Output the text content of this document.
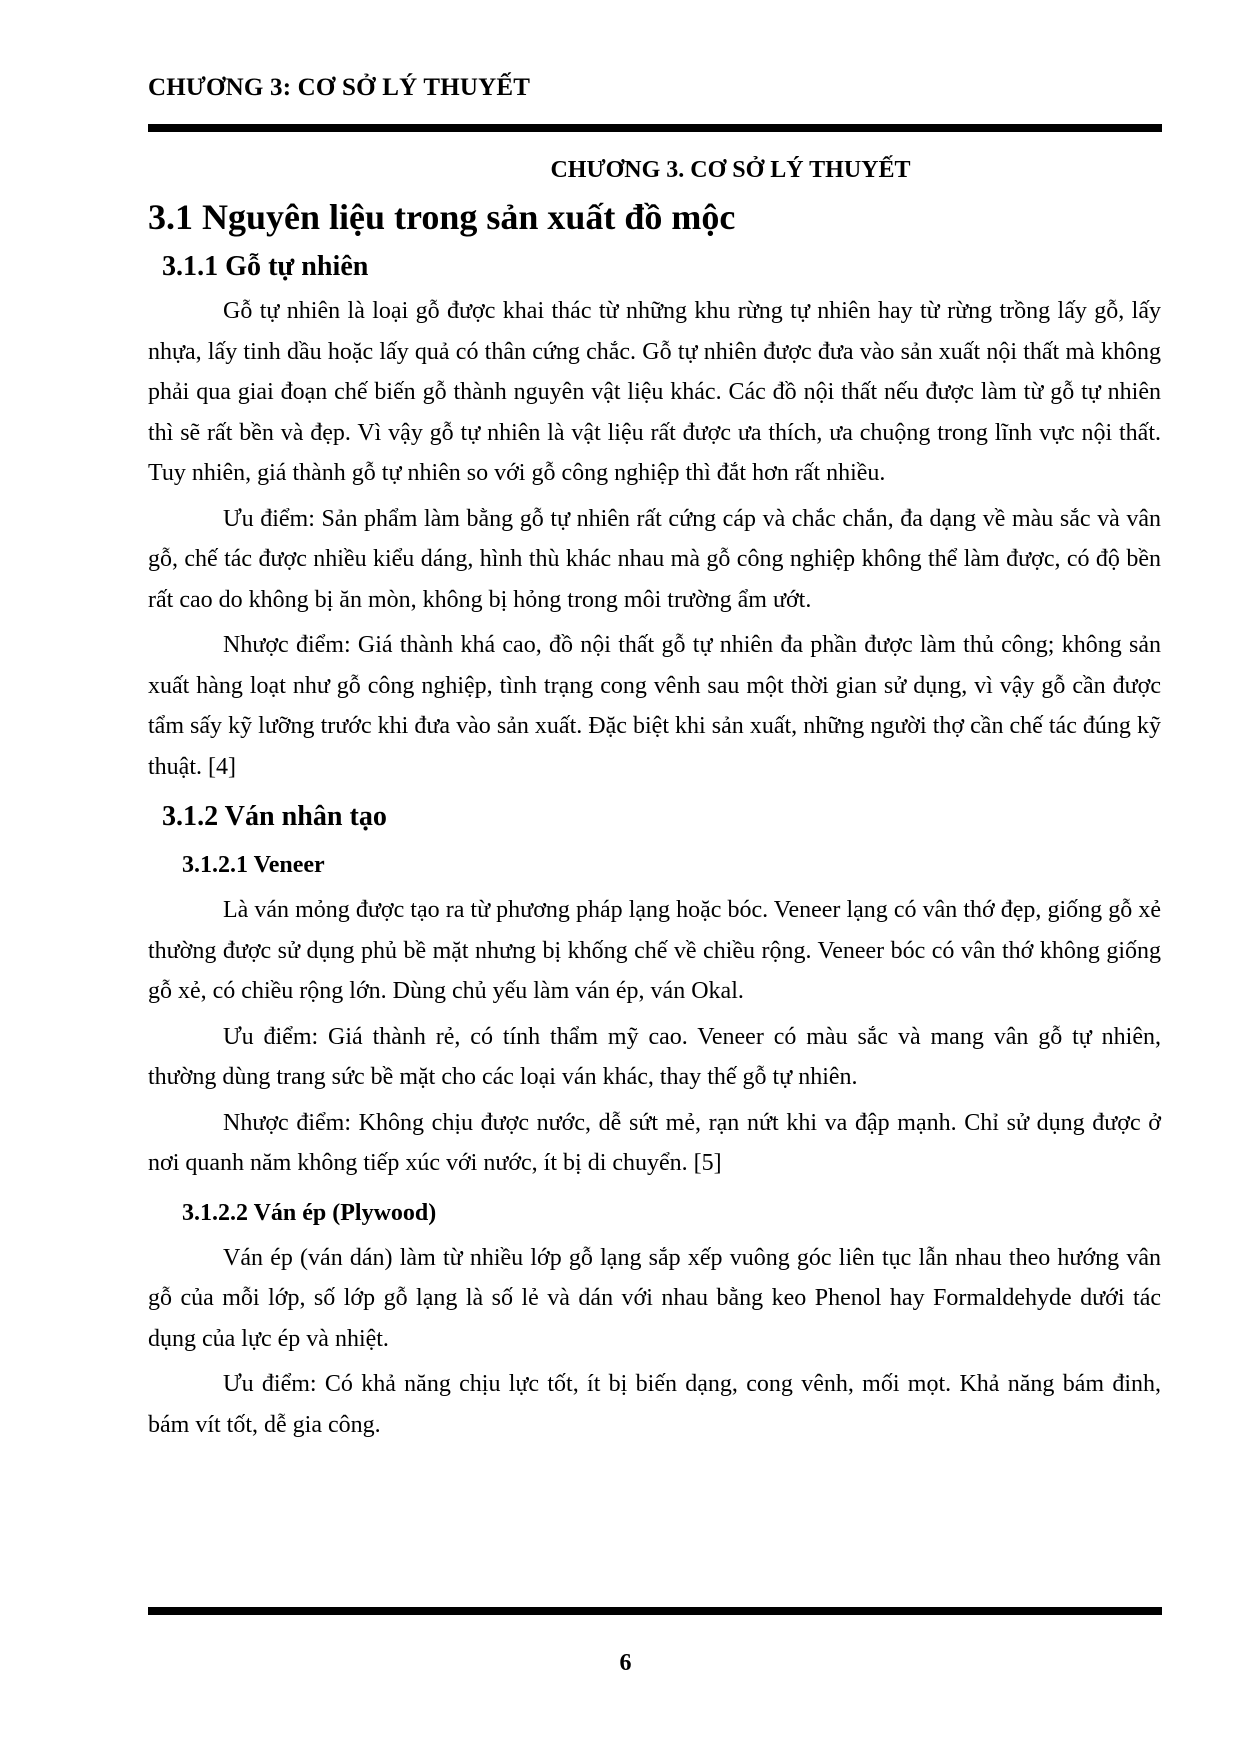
CHƯƠNG 3: CƠ SỞ LÝ THUYẾT
CHƯƠNG 3. CƠ SỞ LÝ THUYẾT
3.1 Nguyên liệu trong sản xuất đồ mộc
3.1.1 Gỗ tự nhiên

Gỗ tự nhiên là loại gỗ được khai thác từ những khu rừng tự nhiên hay từ rừng trồng lấy gỗ, lấy nhựa, lấy tinh dầu hoặc lấy quả có thân cứng chắc. Gỗ tự nhiên được đưa vào sản xuất nội thất mà không phải qua giai đoạn chế biến gỗ thành nguyên vật liệu khác. Các đồ nội thất nếu được làm từ gỗ tự nhiên thì sẽ rất bền và đẹp. Vì vậy gỗ tự nhiên là vật liệu rất được ưa thích, ưa chuộng trong lĩnh vực nội thất. Tuy nhiên, giá thành gỗ tự nhiên so với gỗ công nghiệp thì đắt hơn rất nhiều.

Ưu điểm: Sản phẩm làm bằng gỗ tự nhiên rất cứng cáp và chắc chắn, đa dạng về màu sắc và vân gỗ, chế tác được nhiều kiểu dáng, hình thù khác nhau mà gỗ công nghiệp không thể làm được, có độ bền rất cao do không bị ăn mòn, không bị hỏng trong môi trường ẩm ướt.

Nhược điểm: Giá thành khá cao, đồ nội thất gỗ tự nhiên đa phần được làm thủ công; không sản xuất hàng loạt như gỗ công nghiệp, tình trạng cong vênh sau một thời gian sử dụng, vì vậy gỗ cần được tẩm sấy kỹ lưỡng trước khi đưa vào sản xuất. Đặc biệt khi sản xuất, những người thợ cần chế tác đúng kỹ thuật. [4]

3.1.2 Ván nhân tạo
3.1.2.1 Veneer

Là ván mỏng được tạo ra từ phương pháp lạng hoặc bóc. Veneer lạng có vân thớ đẹp, giống gỗ xẻ thường được sử dụng phủ bề mặt nhưng bị khống chế về chiều rộng. Veneer bóc có vân thớ không giống gỗ xẻ, có chiều rộng lớn. Dùng chủ yếu làm ván ép, ván Okal.

Ưu điểm: Giá thành rẻ, có tính thẩm mỹ cao. Veneer có màu sắc và mang vân gỗ tự nhiên, thường dùng trang sức bề mặt cho các loại ván khác, thay thế gỗ tự nhiên.

Nhược điểm: Không chịu được nước, dễ sứt mẻ, rạn nứt khi va đập mạnh. Chỉ sử dụng được ở nơi quanh năm không tiếp xúc với nước, ít bị di chuyển. [5]

3.1.2.2 Ván ép (Plywood)

Ván ép (ván dán) làm từ nhiều lớp gỗ lạng sắp xếp vuông góc liên tục lẫn nhau theo hướng vân gỗ của mỗi lớp, số lớp gỗ lạng là số lẻ và dán với nhau bằng keo Phenol hay Formaldehyde dưới tác dụng của lực ép và nhiệt.

Ưu điểm: Có khả năng chịu lực tốt, ít bị biến dạng, cong vênh, mối mọt. Khả năng bám đinh, bám vít tốt, dễ gia công.

6
